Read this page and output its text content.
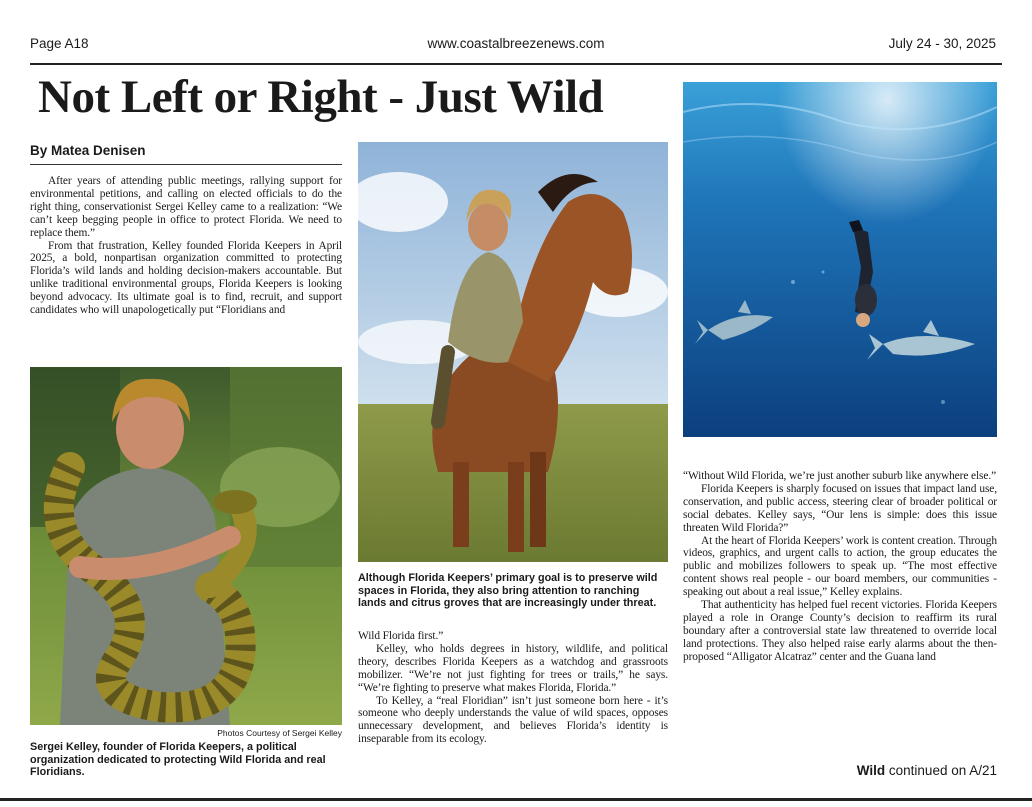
Page A18	www.coastalbreezenews.com	July 24 - 30, 2025
Not Left or Right - Just Wild
By Matea Denisen

After years of attending public meetings, rallying support for environmental petitions, and calling on elected officials to do the right thing, conservationist Sergei Kelley came to a realization: “We can’t keep begging people in office to protect Florida. We need to replace them.”

From that frustration, Kelley founded Florida Keepers in April 2025, a bold, nonpartisan organization committed to protecting Florida’s wild lands and holding decision-makers accountable. But unlike traditional environmental groups, Florida Keepers is looking beyond advocacy. Its ultimate goal is to find, recruit, and support candidates who will unapologetically put “Floridians and

Photos Courtesy of Sergei Kelley
Sergei Kelley, founder of Florida Keepers, a political organization dedicated to protecting Wild Florida and real Floridians.
Although Florida Keepers’ primary goal is to preserve wild spaces in Florida, they also bring attention to ranching lands and citrus groves that are increasingly under threat.

Wild Florida first.”

Kelley, who holds degrees in history, wildlife, and political theory, describes Florida Keepers as a watchdog and grassroots mobilizer. “We’re not just fighting for trees or trails,” he says. “We’re fighting to preserve what makes Florida, Florida.”

To Kelley, a “real Floridian” isn’t just someone born here - it’s someone who deeply understands the value of wild spaces, opposes unnecessary development, and believes Florida’s identity is inseparable from its ecology.

“Without Wild Florida, we’re just another suburb like anywhere else.”

Florida Keepers is sharply focused on issues that impact land use, conservation, and public access, steering clear of broader political or social debates. Kelley says, “Our lens is simple: does this issue threaten Wild Florida?”

At the heart of Florida Keepers’ work is content creation. Through videos, graphics, and urgent calls to action, the group educates the public and mobilizes followers to speak up. “The most effective content shows real people - our board members, our communities - speaking out about a real issue,” Kelley explains.

That authenticity has helped fuel recent victories. Florida Keepers played a role in Orange County’s decision to reaffirm its rural boundary after a controversial state law threatened to override local land protections. They also helped raise early alarms about the then-proposed “Alligator Alcatraz” center and the Guana land

Wild continued on A/21
